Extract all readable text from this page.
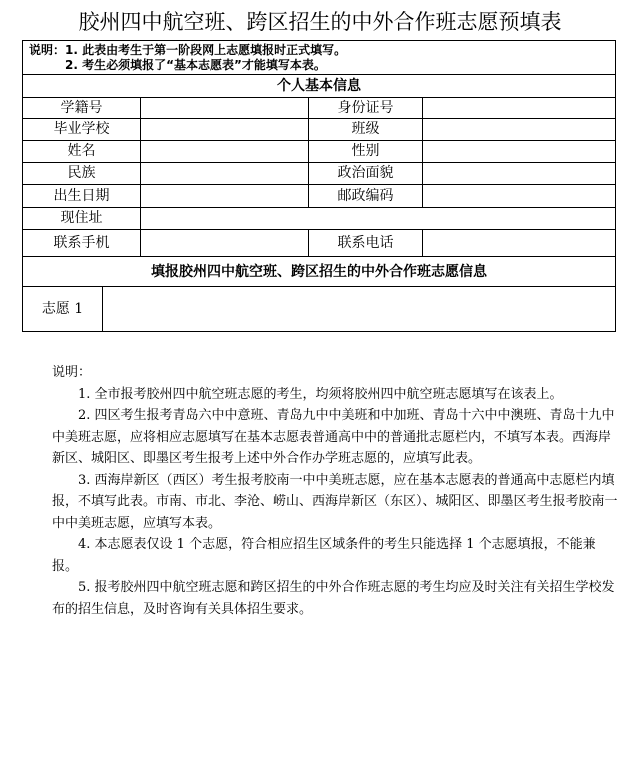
胶州四中航空班、跨区招生的中外合作班志愿预填表
说明：1. 此表由考生于第一阶段网上志愿填报时正式填写。
2. 考生必须填报了“基本志愿表”才能填写本表。
个人基本信息
学籍号	身份证号
毕业学校	班级
姓名	性别
民族	政治面貌
出生日期	邮政编码
现住址
联系手机	联系电话
填报胶州四中航空班、跨区招生的中外合作班志愿信息
志愿 1
说明：

1. 全市报考胶州四中航空班志愿的考生，均须将胶州四中航空班志愿填写在该表上。

2. 四区考生报考青岛六中中意班、青岛九中中美班和中加班、青岛十六中中澳班、青岛十九中中美班志愿，应将相应志愿填写在基本志愿表普通高中中的普通批志愿栏内，不填写本表。西海岸新区、城阳区、即墨区考生报考上述中外合作办学班志愿的，应填写此表。

3. 西海岸新区（西区）考生报考胶南一中中美班志愿，应在基本志愿表的普通高中志愿栏内填报，不填写此表。市南、市北、李沧、崂山、西海岸新区（东区）、城阳区、即墨区考生报考胶南一中中美班志愿，应填写本表。

4. 本志愿表仅设 1 个志愿，符合相应招生区域条件的考生只能选择 1 个志愿填报，不能兼报。

5. 报考胶州四中航空班志愿和跨区招生的中外合作班志愿的考生均应及时关注有关招生学校发布的招生信息，及时咨询有关具体招生要求。
